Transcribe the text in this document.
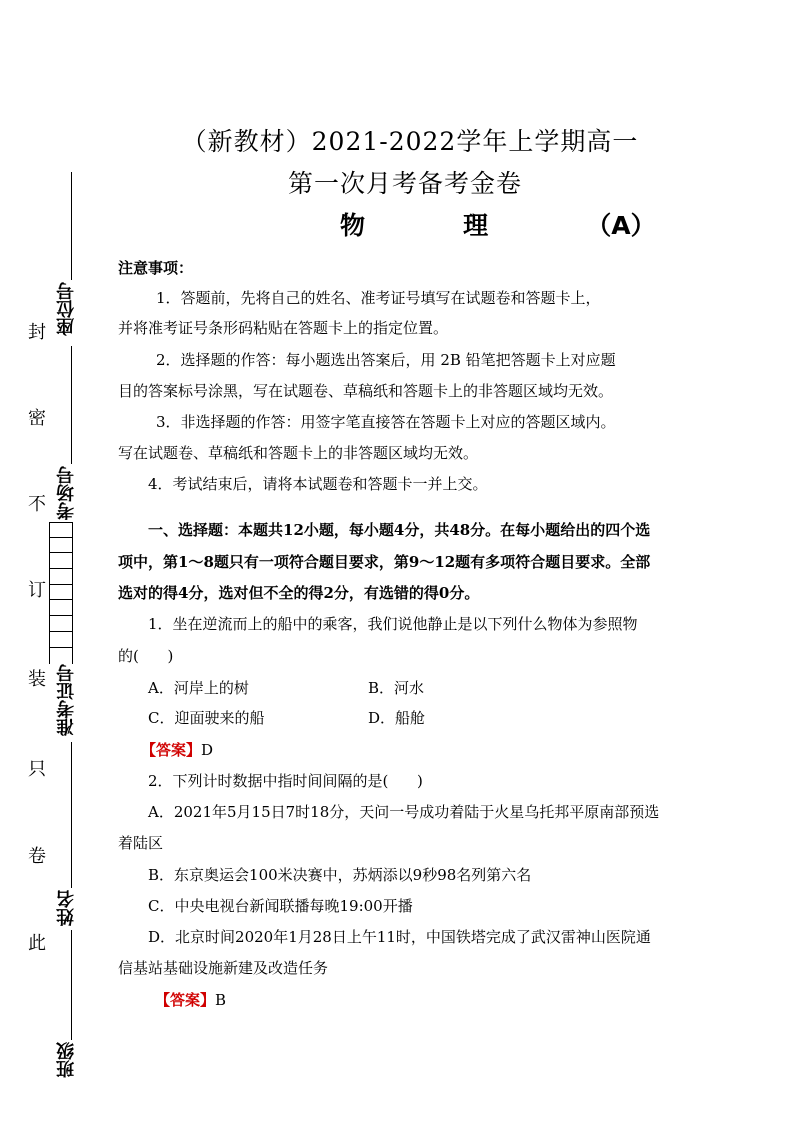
封
密
不
订
装
只
卷
此
座位号
考场号
准考证号
姓名
班级
（新教材）2021-2022学年上学期高一
第一次月考备考金卷
物   理   （A）
注意事项：
1．答题前，先将自己的姓名、准考证号填写在试题卷和答题卡上，
并将准考证号条形码粘贴在答题卡上的指定位置。
2．选择题的作答：每小题选出答案后，用 2B 铅笔把答题卡上对应题
目的答案标号涂黑，写在试题卷、草稿纸和答题卡上的非答题区域均无效。
3．非选择题的作答：用签字笔直接答在答题卡上对应的答题区域内。
写在试题卷、草稿纸和答题卡上的非答题区域均无效。
4．考试结束后，请将本试题卷和答题卡一并上交。
一、选择题：本题共12小题，每小题4分，共48分。在每小题给出的四个选
项中，第1～8题只有一项符合题目要求，第9～12题有多项符合题目要求。全部
选对的得4分，选对但不全的得2分，有选错的得0分。
1．坐在逆流而上的船中的乘客，我们说他静止是以下列什么物体为参照物
的(      )
A．河岸上的树	B．河水
C．迎面驶来的船	D．船舱
【答案】D
2．下列计时数据中指时间间隔的是(      )
A．2021年5月15日7时18分，天问一号成功着陆于火星乌托邦平原南部预选
着陆区
B．东京奥运会100米决赛中，苏炳添以9秒98名列第六名
C．中央电视台新闻联播每晚19:00开播
D．北京时间2020年1月28日上午11时，中国铁塔完成了武汉雷神山医院通
信基站基础设施新建及改造任务
【答案】B
